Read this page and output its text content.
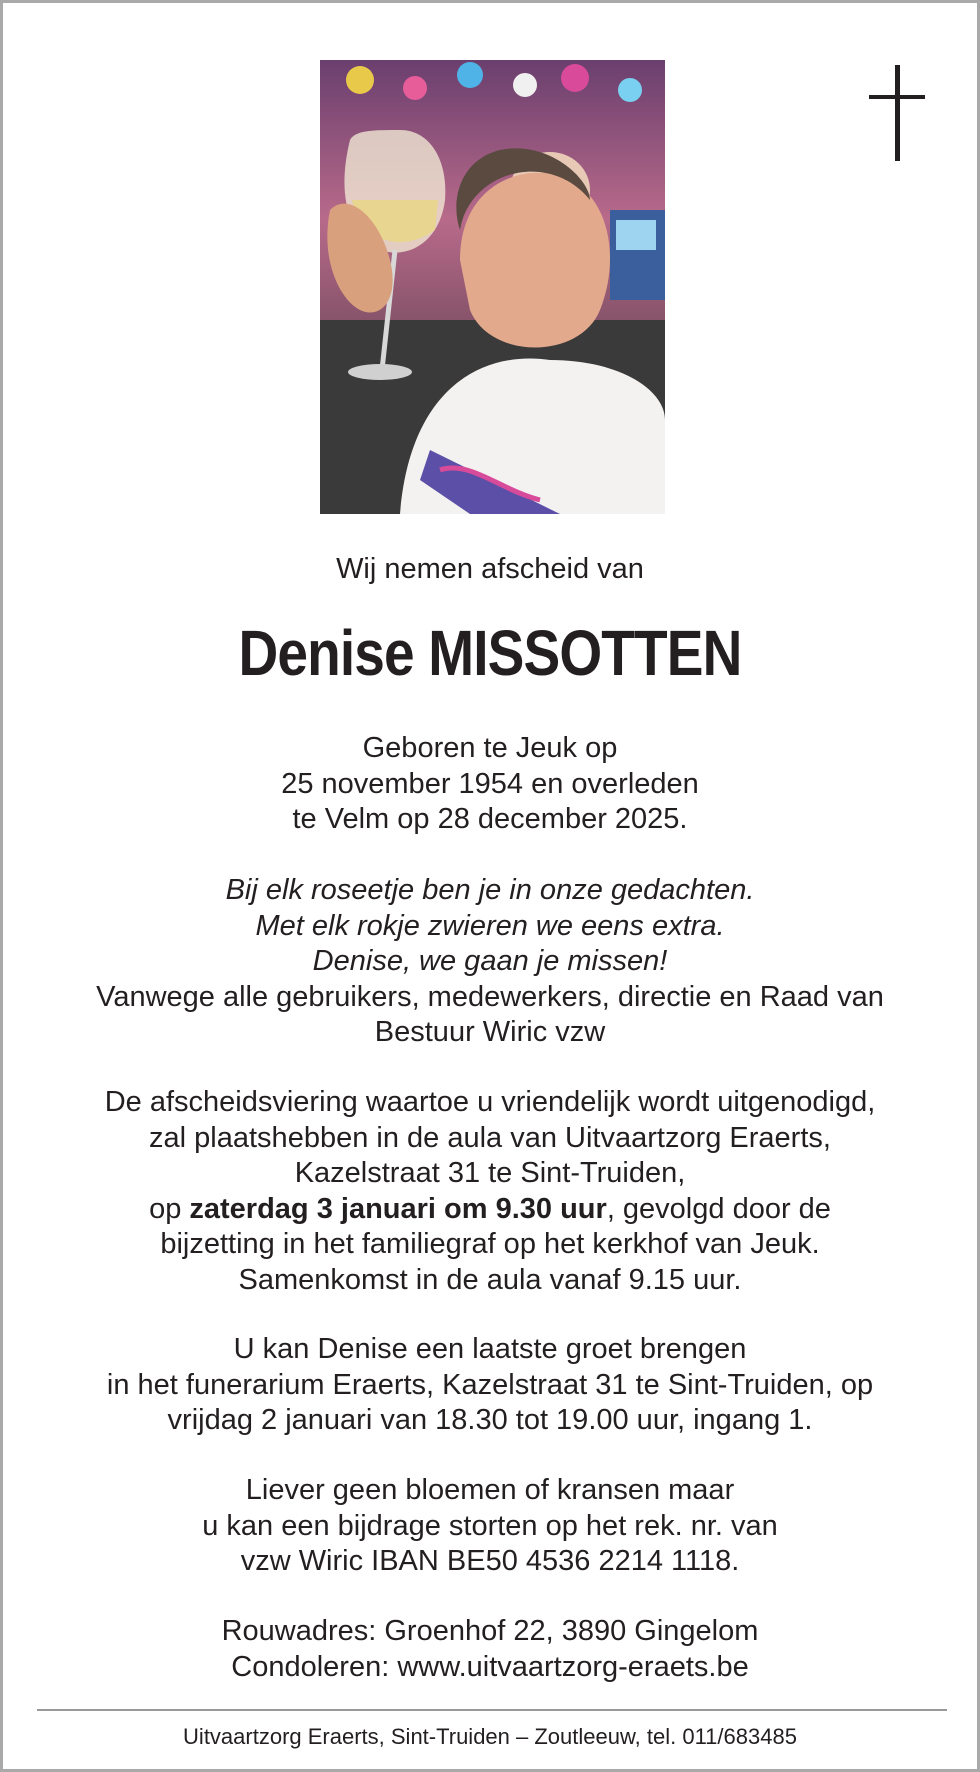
Wij nemen afscheid van
Denise MISSOTTEN
Geboren te Jeuk op
25 november 1954 en overleden
te Velm op 28 december 2025.
Bij elk roseetje ben je in onze gedachten.
Met elk rokje zwieren we eens extra.
Denise, we gaan je missen!
Vanwege alle gebruikers, medewerkers, directie en Raad van
Bestuur Wiric vzw
De afscheidsviering waartoe u vriendelijk wordt uitgenodigd,
zal plaatshebben in de aula van Uitvaartzorg Eraerts,
Kazelstraat 31 te Sint-Truiden,
op zaterdag 3 januari om 9.30 uur, gevolgd door de
bijzetting in het familiegraf op het kerkhof van Jeuk.
Samenkomst in de aula vanaf 9.15 uur.
U kan Denise een laatste groet brengen
in het funerarium Eraerts, Kazelstraat 31 te Sint-Truiden, op
vrijdag 2 januari van 18.30 tot 19.00 uur, ingang 1.
Liever geen bloemen of kransen maar
u kan een bijdrage storten op het rek. nr. van
vzw Wiric IBAN BE50 4536 2214 1118.
Rouwadres: Groenhof 22, 3890 Gingelom
Condoleren: www.uitvaartzorg-eraets.be
Uitvaartzorg Eraerts, Sint-Truiden – Zoutleeuw, tel. 011/683485
